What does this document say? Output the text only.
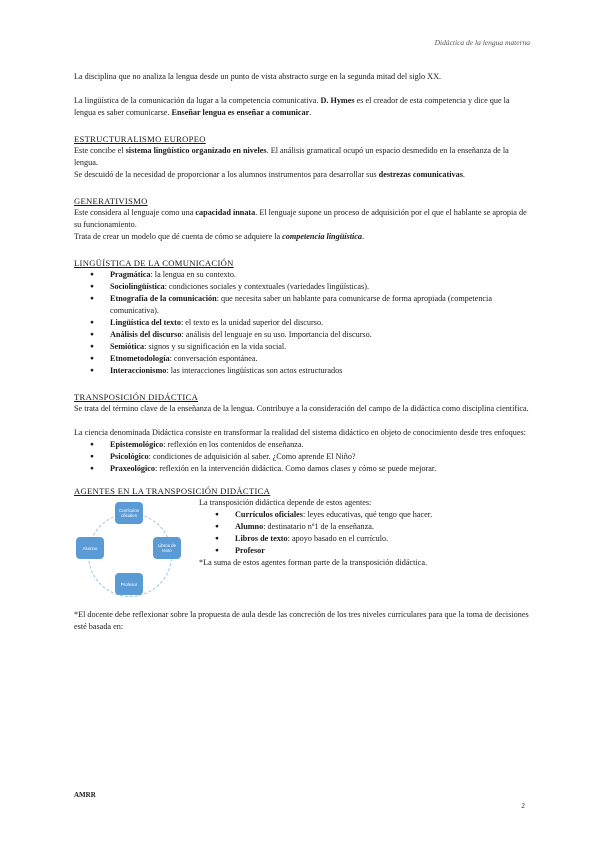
Didáctica de la lengua materna

La disciplina que no analiza la lengua desde un punto de vista abstracto surge en la segunda mitad del siglo XX.

La lingüística de la comunicación da lugar a la competencia comunicativa. D. Hymes es el creador de esta competencia y dice que la lengua es saber comunicarse. Enseñar lengua es enseñar a comunicar.

ESTRUCTURALISMO EUROPEO

Este concibe el sistema lingüístico organizado en niveles. El análisis gramatical ocupó un espacio desmedido en la enseñanza de la lengua.

Se descuidó de la necesidad de proporcionar a los alumnos instrumentos para desarrollar sus destrezas comunicativas.

GENERATIVISMO

Este considera al lenguaje como una capacidad innata. El lenguaje supone un proceso de adquisición por el que el hablante se apropia de su funcionamiento.

Trata de crear un modelo que dé cuenta de cómo se adquiere la competencia lingüística.

LINGÜÍSTICA DE LA COMUNICACIÓN

● Pragmática: la lengua en su contexto.
● Sociolingüística: condiciones sociales y contextuales (variedades lingüísticas).
● Etnografía de la comunicación: que necesita saber un hablante para comunicarse de forma apropiada (competencia comunicativa).
● Lingüística del texto: el texto es la unidad superior del discurso.
● Análisis del discurso: análisis del lenguaje en su uso. Importancia del discurso.
● Semiótica: signos y su significación en la vida social.
● Etnometodología: conversación espontánea.
● Interaccionismo: las interacciones lingüísticas son actos estructurados

TRANSPOSICIÓN DIDÁCTICA

Se trata del término clave de la enseñanza de la lengua. Contribuye a la consideración del campo de la didáctica como disciplina científica.

La ciencia denominada Didáctica consiste en transformar la realidad del sistema didáctico en objeto de conocimiento desde tres enfoques:

● Epistemológico: reflexión en los contenidos de enseñanza.
● Psicológico: condiciones de adquisición al saber. ¿Como aprende El Niño?
● Praxeológico: reflexión en la intervención didáctica. Como damos clases y cómo se puede mejorar.

AGENTES EN LA TRANSPOSICIÓN DIDÁCTICA

Currículos oficiales
Libros de texto
Profesor
Alumno

La transposición didáctica depende de estos agentes:

● Currículos oficiales: leyes educativas, qué tengo que hacer.
● Alumno: destinatario nº1 de la enseñanza.
● Libros de texto: apoyo basado en el currículo.
● Profesor

*La suma de estos agentes forman parte de la transposición didáctica.

*El docente debe reflexionar sobre la propuesta de aula desde las concreción de los tres niveles curriculares para que la toma de decisiones esté basada en:

AMRR
2
